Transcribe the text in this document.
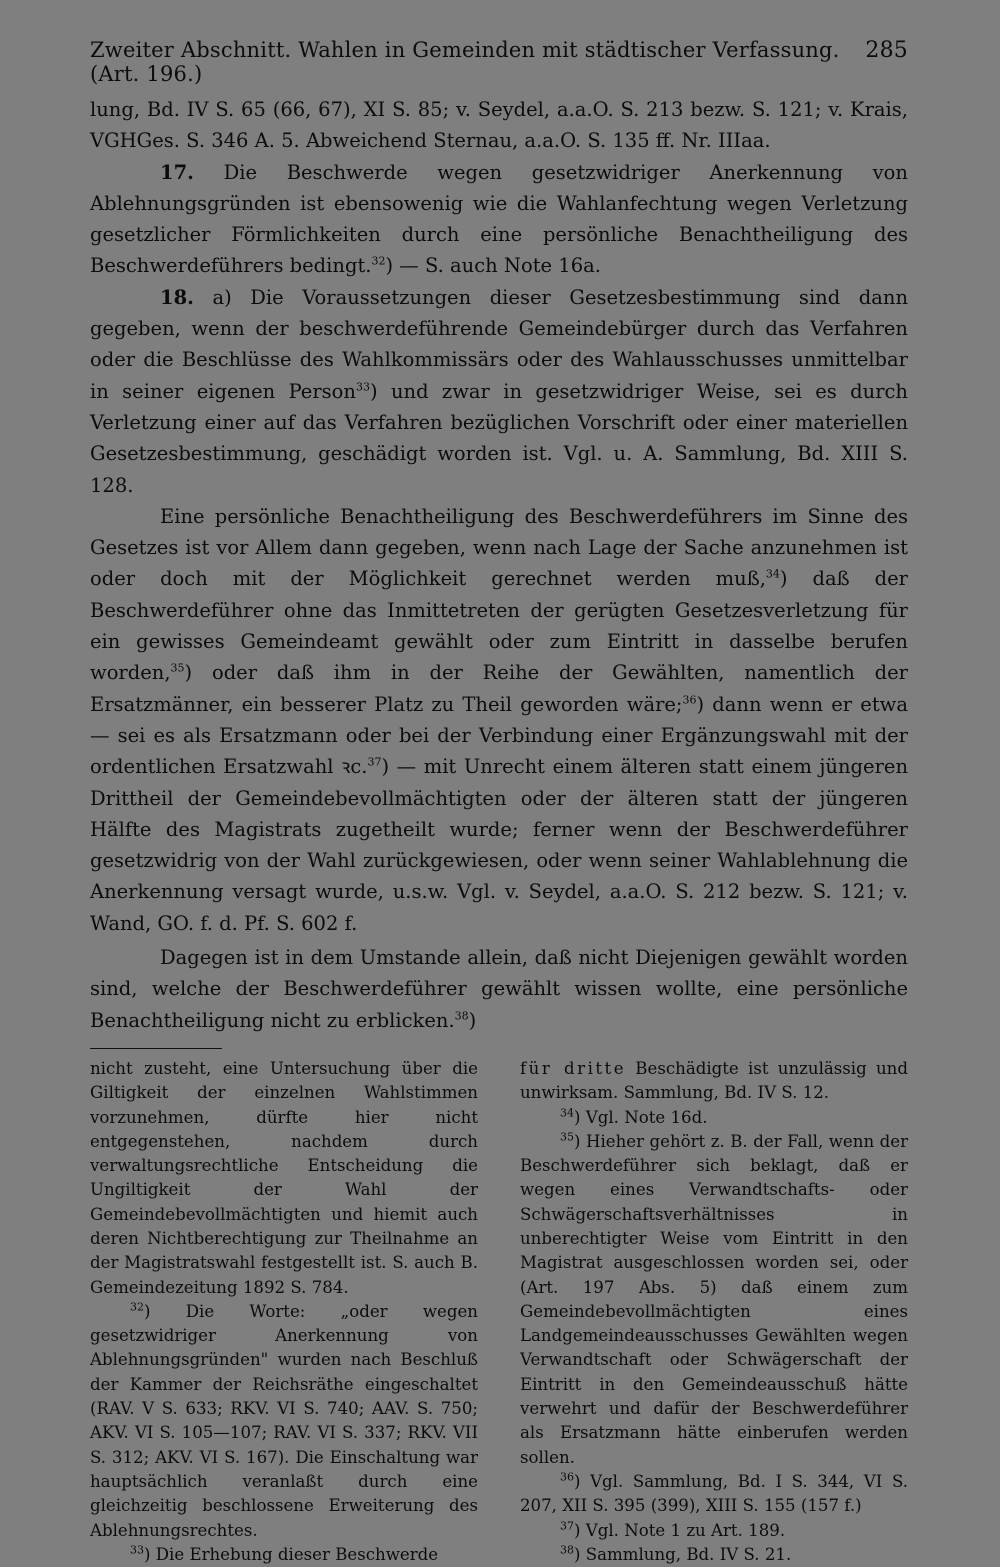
Zweiter Abschnitt. Wahlen in Gemeinden mit städtischer Verfassung. (Art. 196.)
285

lung, Bd. IV S. 65 (66, 67), XI S. 85; v. Seydel, a.a.O. S. 213 bezw. S. 121; v. Krais, VGHGes. S. 346 A. 5. Abweichend Sternau, a.a.O. S. 135 ff. Nr. IIIaa.

17. Die Beschwerde wegen gesetzwidriger Anerkennung von Ablehnungsgründen ist ebensowenig wie die Wahlanfechtung wegen Verletzung gesetzlicher Förmlichkeiten durch eine persönliche Benachtheiligung des Beschwerdeführers bedingt.$^{32}$) — S. auch Note 16a.

18. a) Die Voraussetzungen dieser Gesetzesbestimmung sind dann gegeben, wenn der beschwerdeführende Gemeindebürger durch das Verfahren oder die Beschlüsse des Wahlkommissärs oder des Wahlausschusses unmittelbar in seiner eigenen Person$^{33}$) und zwar in gesetzwidriger Weise, sei es durch Verletzung einer auf das Verfahren bezüglichen Vorschrift oder einer materiellen Gesetzesbestimmung, geschädigt worden ist. Vgl. u. A. Sammlung, Bd. XIII S. 128.

Eine persönliche Benachtheiligung des Beschwerdeführers im Sinne des Gesetzes ist vor Allem dann gegeben, wenn nach Lage der Sache anzunehmen ist oder doch mit der Möglichkeit gerechnet werden muß,$^{34}$) daß der Beschwerdeführer ohne das Inmittetreten der gerügten Gesetzesverletzung für ein gewisses Gemeindeamt gewählt oder zum Eintritt in dasselbe berufen worden,$^{35}$) oder daß ihm in der Reihe der Gewählten, namentlich der Ersatzmänner, ein besserer Platz zu Theil geworden wäre;$^{36}$) dann wenn er etwa — sei es als Ersatzmann oder bei der Verbindung einer Ergänzungswahl mit der ordentlichen Ersatzwahl ꝛc.$^{37}$) — mit Unrecht einem älteren statt einem jüngeren Drittheil der Gemeindebevollmächtigten oder der älteren statt der jüngeren Hälfte des Magistrats zugetheilt wurde; ferner wenn der Beschwerdeführer gesetzwidrig von der Wahl zurückgewiesen, oder wenn seiner Wahlablehnung die Anerkennung versagt wurde, u.s.w. Vgl. v. Seydel, a.a.O. S. 212 bezw. S. 121; v. Wand, GO. f. d. Pf. S. 602 f.

Dagegen ist in dem Umstande allein, daß nicht Diejenigen gewählt worden sind, welche der Beschwerdeführer gewählt wissen wollte, eine persönliche Benachtheiligung nicht zu erblicken.$^{38}$)

nicht zusteht, eine Untersuchung über die Giltigkeit der einzelnen Wahlstimmen vorzunehmen, dürfte hier nicht entgegenstehen, nachdem durch verwaltungsrechtliche Entscheidung die Ungiltigkeit der Wahl der Gemeindebevollmächtigten und hiemit auch deren Nichtberechtigung zur Theilnahme an der Magistratswahl festgestellt ist. S. auch B. Gemeindezeitung 1892 S. 784.

$^{32}$) Die Worte: „oder wegen gesetzwidriger Anerkennung von Ablehnungsgründen" wurden nach Beschluß der Kammer der Reichsräthe eingeschaltet (RAV. V S. 633; RKV. VI S. 740; AAV. S. 750; AKV. VI S. 105—107; RAV. VI S. 337; RKV. VII S. 312; AKV. VI S. 167). Die Einschaltung war hauptsächlich veranlaßt durch eine gleichzeitig beschlossene Erweiterung des Ablehnungsrechtes.

$^{33}$) Die Erhebung dieser Beschwerde

für dritte Beschädigte ist unzulässig und unwirksam. Sammlung, Bd. IV S. 12.

$^{34}$) Vgl. Note 16d.

$^{35}$) Hieher gehört z. B. der Fall, wenn der Beschwerdeführer sich beklagt, daß er wegen eines Verwandtschafts- oder Schwägerschaftsverhältnisses in unberechtigter Weise vom Eintritt in den Magistrat ausgeschlossen worden sei, oder (Art. 197 Abs. 5) daß einem zum Gemeindebevollmächtigten eines Landgemeindeausschusses Gewählten wegen Verwandtschaft oder Schwägerschaft der Eintritt in den Gemeindeausschuß hätte verwehrt und dafür der Beschwerdeführer als Ersatzmann hätte einberufen werden sollen.

$^{36}$) Vgl. Sammlung, Bd. I S. 344, VI S. 207, XII S. 395 (399), XIII S. 155 (157 f.)

$^{37}$) Vgl. Note 1 zu Art. 189.

$^{38}$) Sammlung, Bd. IV S. 21.
